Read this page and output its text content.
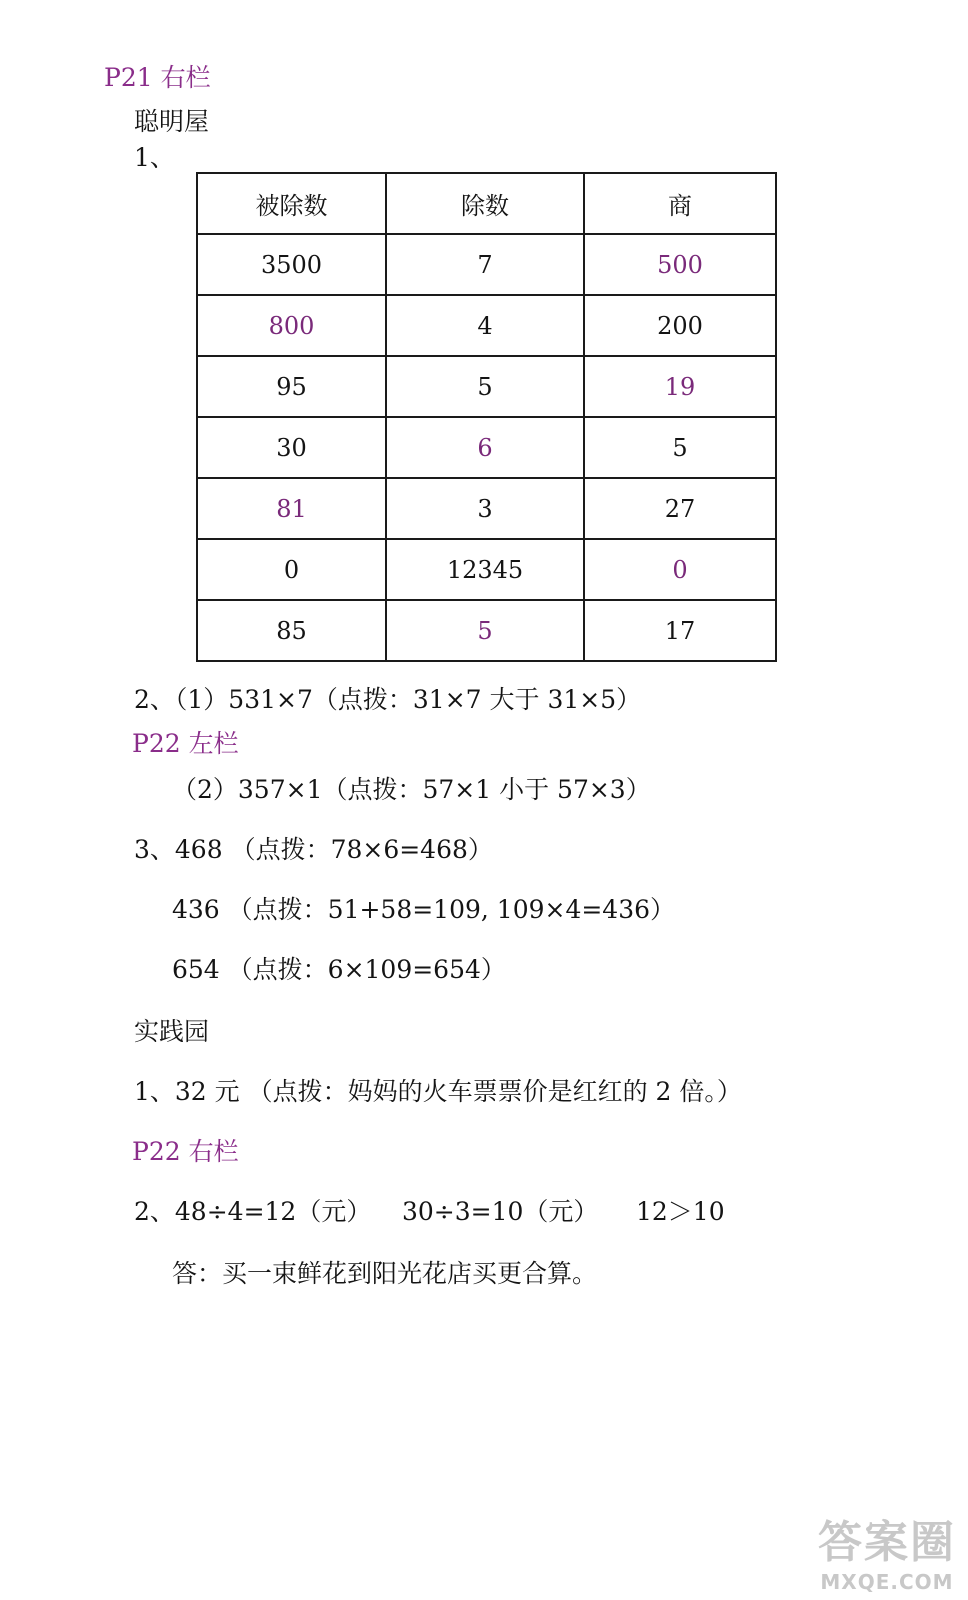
P21 右栏
聪明屋
1、
被除数	除数	商
3500	7	500
800	4	200
95	5	19
30	6	5
81	3	27
0	12345	0
85	5	17
2、（1）531×7（点拨：31×7 大于 31×5）
P22 左栏
（2）357×1（点拨：57×1 小于 57×3）
3、468 （点拨：78×6=468）
436 （点拨：51+58=109, 109×4=436）
654 （点拨：6×109=654）
实践园
1、32 元 （点拨：妈妈的火车票票价是红红的 2 倍。）
P22 右栏
2、48÷4=12（元） 30÷3=10（元） 12＞10
答：买一束鲜花到阳光花店买更合算。
答案圈
MXQE.COM
